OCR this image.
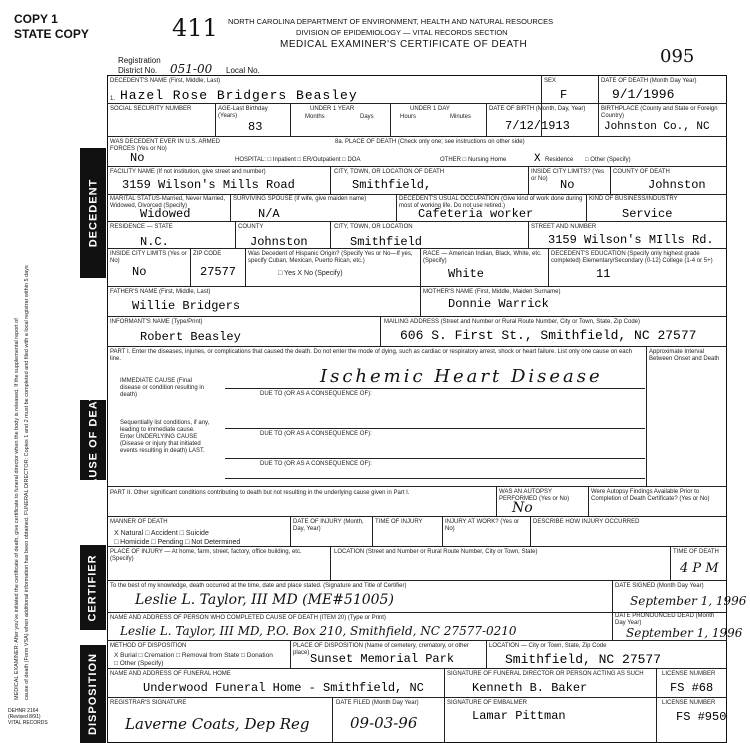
COPY 1
STATE COPY	411 NORTH CAROLINA DEPARTMENT OF ENVIRONMENT, HEALTH AND NATURAL RESOURCES
DIVISION OF EPIDEMIOLOGY — VITAL RECORDS SECTION
MEDICAL EXAMINER'S CERTIFICATE OF DEATH
095
Registration
District No. 051-00 Local No.
MEDICAL EXAMINER: After you've initiated the certificate of death, give certificate to funeral director when the body is released. If the supplemental report of cause of death (Form VSA) when additional information has been obtained. FUNERAL DIRECTOR: Copies 1 and 2 must be completed and filed with a local registrar within 5 days
DEHNR 2164 (Revised 8/91) VITAL RECORDS
DECEDENT
CAUSE OF DEATH
CERTIFIER
DISPOSITION
DECEDENT'S NAME (First, Middle, Last)
1. Hazel Rose Bridgers Beasley
SEX
F
DATE OF DEATH (Month Day Year)
9/1/1996
SOCIAL SECURITY NUMBER	AGE-Last Birthday (Years)
83
UNDER 1 YEAR
Months	Days
UNDER 1 DAY
Hours	Minutes
DATE OF BIRTH (Month, Day, Year)
7/12/1913
BIRTHPLACE (County and State or Foreign Country)
Johnston Co., NC
WAS DECEDENT EVER IN U.S. ARMED FORCES (Yes or No)
No
8a. PLACE OF DEATH (Check only one; see instructions on other side)
HOSPITAL: □ Inpatient □ ER/Outpatient □ DOA	OTHER □ Nursing Home	X Residence □ Other (Specify)
FACILITY NAME (If not institution, give street and number)
3159 Wilson's Mills Road
CITY, TOWN, OR LOCATION OF DEATH
Smithfield,
INSIDE CITY LIMITS? (Yes or No)	No
COUNTY OF DEATH
Johnston
MARITAL STATUS-Married, Never Married, Widowed, Divorced (Specify)
Widowed
SURVIVING SPOUSE (If wife, give maiden name)
N/A
DECEDENT'S USUAL OCCUPATION (Give kind of work done during most of working life. Do not use retired.)
Cafeteria worker
KIND OF BUSINESS/INDUSTRY
Service
RESIDENCE — STATE
N.C.
COUNTY
Johnston
CITY, TOWN, OR LOCATION
Smithfield
STREET AND NUMBER
3159 Wilson's MIlls Rd.
INSIDE CITY LIMITS (Yes or No)
No
ZIP CODE
27577
Was Decedent of Hispanic Origin? (Specify Yes or No—If yes, specify Cuban, Mexican, Puerto Rican, etc.)
□ Yes X No (Specify)
RACE — American Indian, Black, White, etc. (Specify)
White
DECEDENT'S EDUCATION (Specify only highest grade completed) Elementary/Secondary (0-12) College (1-4 or 5+)
11
FATHER'S NAME (First, Middle, Last)
Willie Bridgers
MOTHER'S NAME (First, Middle, Maiden Surname)
Donnie Warrick
INFORMANT'S NAME (Type/Print)
Robert Beasley
MAILING ADDRESS (Street and Number or Rural Route Number, City or Town, State, Zip Code)
606 S. First St., Smithfield, NC 27577
PART I. Enter the diseases, injuries, or complications that caused the death. Do not enter the mode of dying, such as cardiac or respiratory arrest, shock or heart failure. List only one cause on each line.
Approximate Interval Between Onset and Death
IMMEDIATE CAUSE (Final disease or condition resulting in death)
Ischemic Heart Disease
DUE TO (OR AS A CONSEQUENCE OF):
Sequentially list conditions, if any, leading to immediate cause. Enter UNDERLYING CAUSE (Disease or injury that initiated events resulting in death) LAST.
DUE TO (OR AS A CONSEQUENCE OF):
DUE TO (OR AS A CONSEQUENCE OF):
PART II. Other significant conditions contributing to death but not resulting in the underlying cause given in Part I.	WAS AN AUTOPSY PERFORMED (Yes or No)
No
Were Autopsy Findings Available Prior to Completion of Death Certificate? (Yes or No)
MANNER OF DEATH
X Natural □ Accident □ Suicide
□ Homicide □ Pending □ Not Determined
DATE OF INJURY (Month, Day, Year)
TIME OF INJURY	INJURY AT WORK? (Yes or No)
DESCRIBE HOW INJURY OCCURRED
PLACE OF INJURY — At home, farm, street, factory, office building, etc. (Specify)
LOCATION (Street and Number or Rural Route Number, City or Town, State)	TIME OF DEATH
4 P M
To the best of my knowledge, death occurred at the time, date and place stated. (Signature and Title of Certifier)
Leslie L. Taylor, III MD (ME#51005)
DATE SIGNED (Month Day Year)
September 1, 1996
NAME AND ADDRESS OF PERSON WHO COMPLETED CAUSE OF DEATH (ITEM 20) (Type or Print)
Leslie L. Taylor, III MD, P.O. Box 210, Smithfield, NC 27577-0210
DATE PRONOUNCED DEAD (Month Day Year)
September 1, 1996
METHOD OF DISPOSITION
X Burial □ Cremation □ Removal from State □ Donation
□ Other (Specify)
PLACE OF DISPOSITION (Name of cemetery, crematory, or other place) Sunset Memorial Park
LOCATION — City or Town, State, Zip Code
Smithfield, NC 27577
NAME AND ADDRESS OF FUNERAL HOME
Underwood Funeral Home - Smithfield, NC
SIGNATURE OF FUNERAL DIRECTOR OR PERSON ACTING AS SUCH
Kenneth B. Baker
LICENSE NUMBER
FS #68
REGISTRAR'S SIGNATURE
Laverne Coats, Dep Reg
DATE FILED (Month Day Year)
09-03-96
SIGNATURE OF EMBALMER
Lamar Pittman
LICENSE NUMBER
FS #950
